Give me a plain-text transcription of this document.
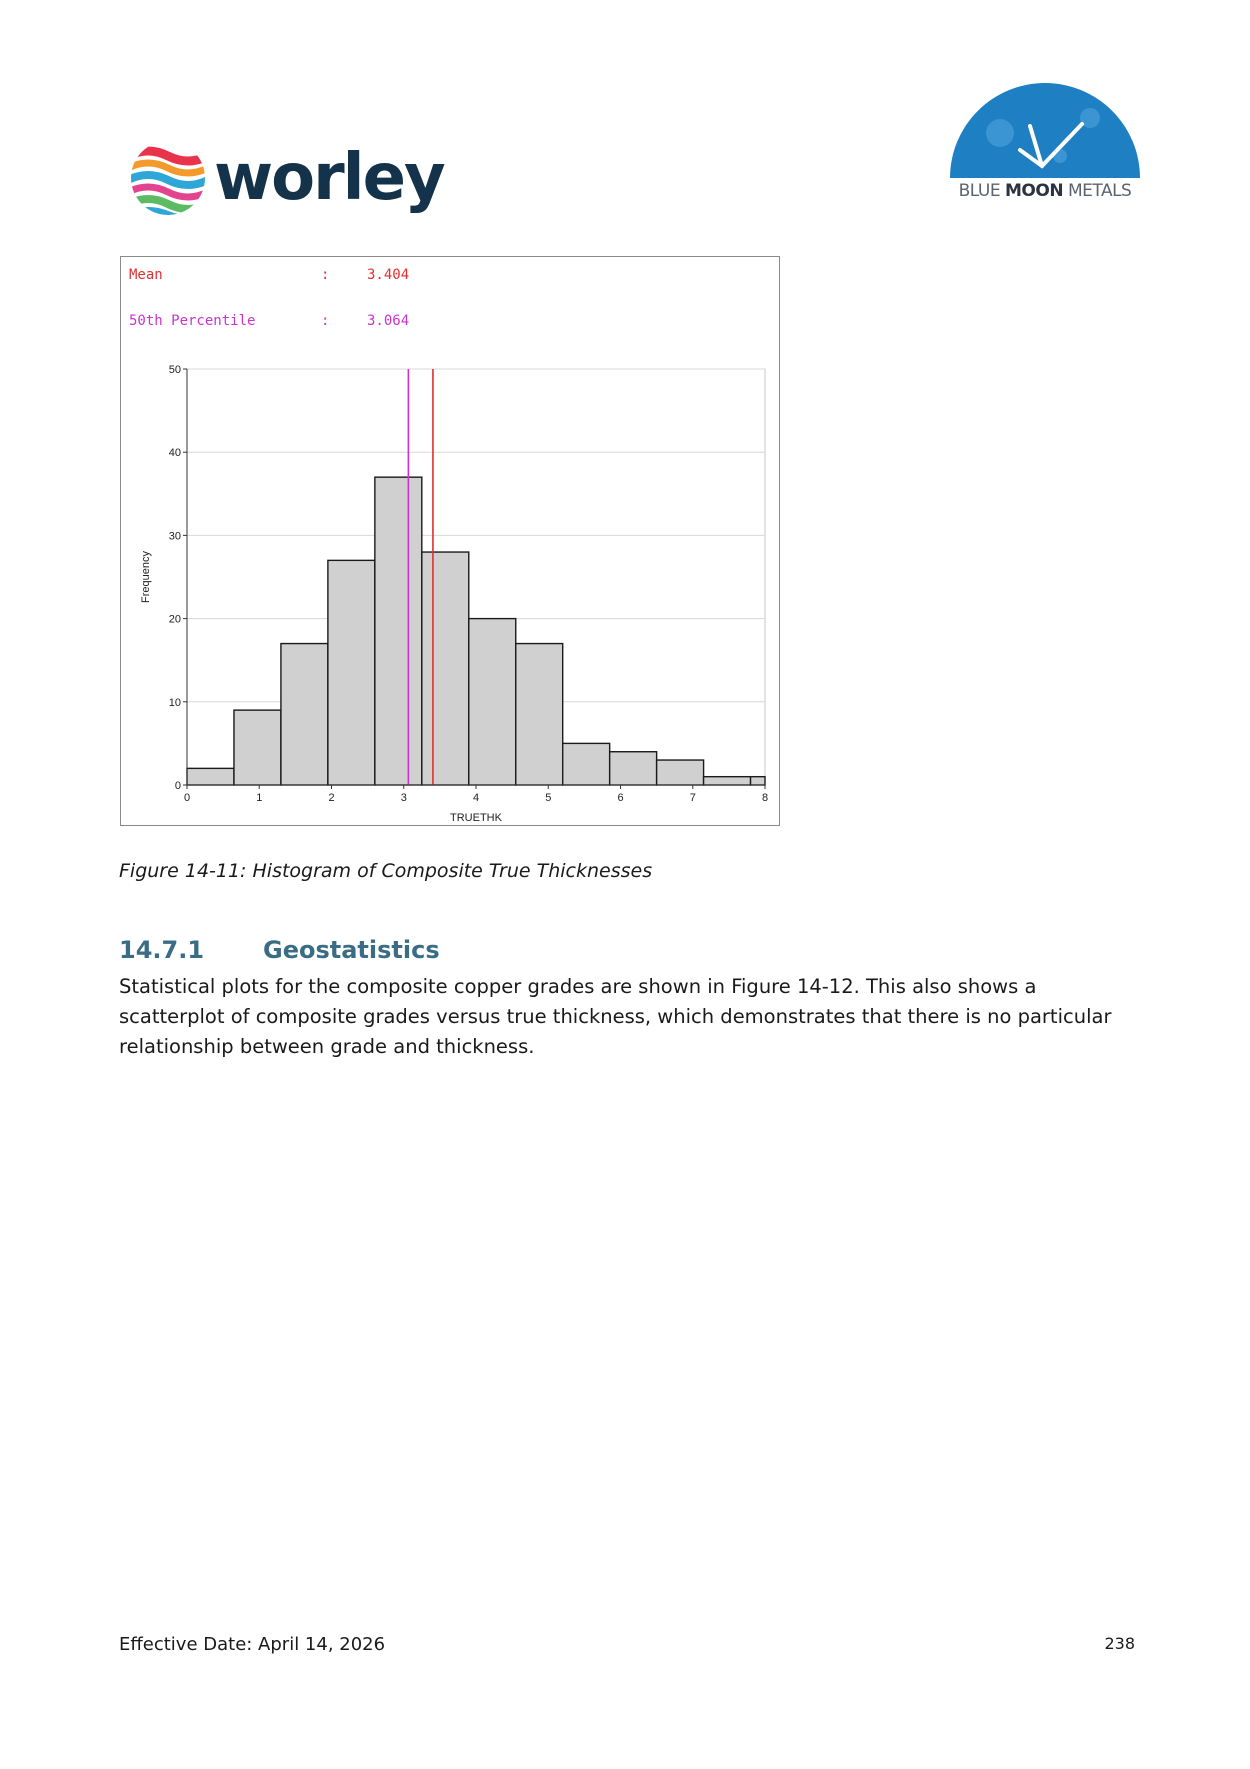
worley	BLUE MOON METALS
Mean	:	3.404
50th Percentile	:	3.064
0
10
20
30
40
50
0	1	2	3	4	5	6	7	8
TRUETHK
Frequency
Figure 14-11: Histogram of Composite True Thicknesses
14.7.1 Geostatistics
Statistical plots for the composite copper grades are shown in Figure 14-12. This also shows a scatterplot of composite grades versus true thickness, which demonstrates that there is no particular relationship between grade and thickness.
Effective Date: April 14, 2026	238
